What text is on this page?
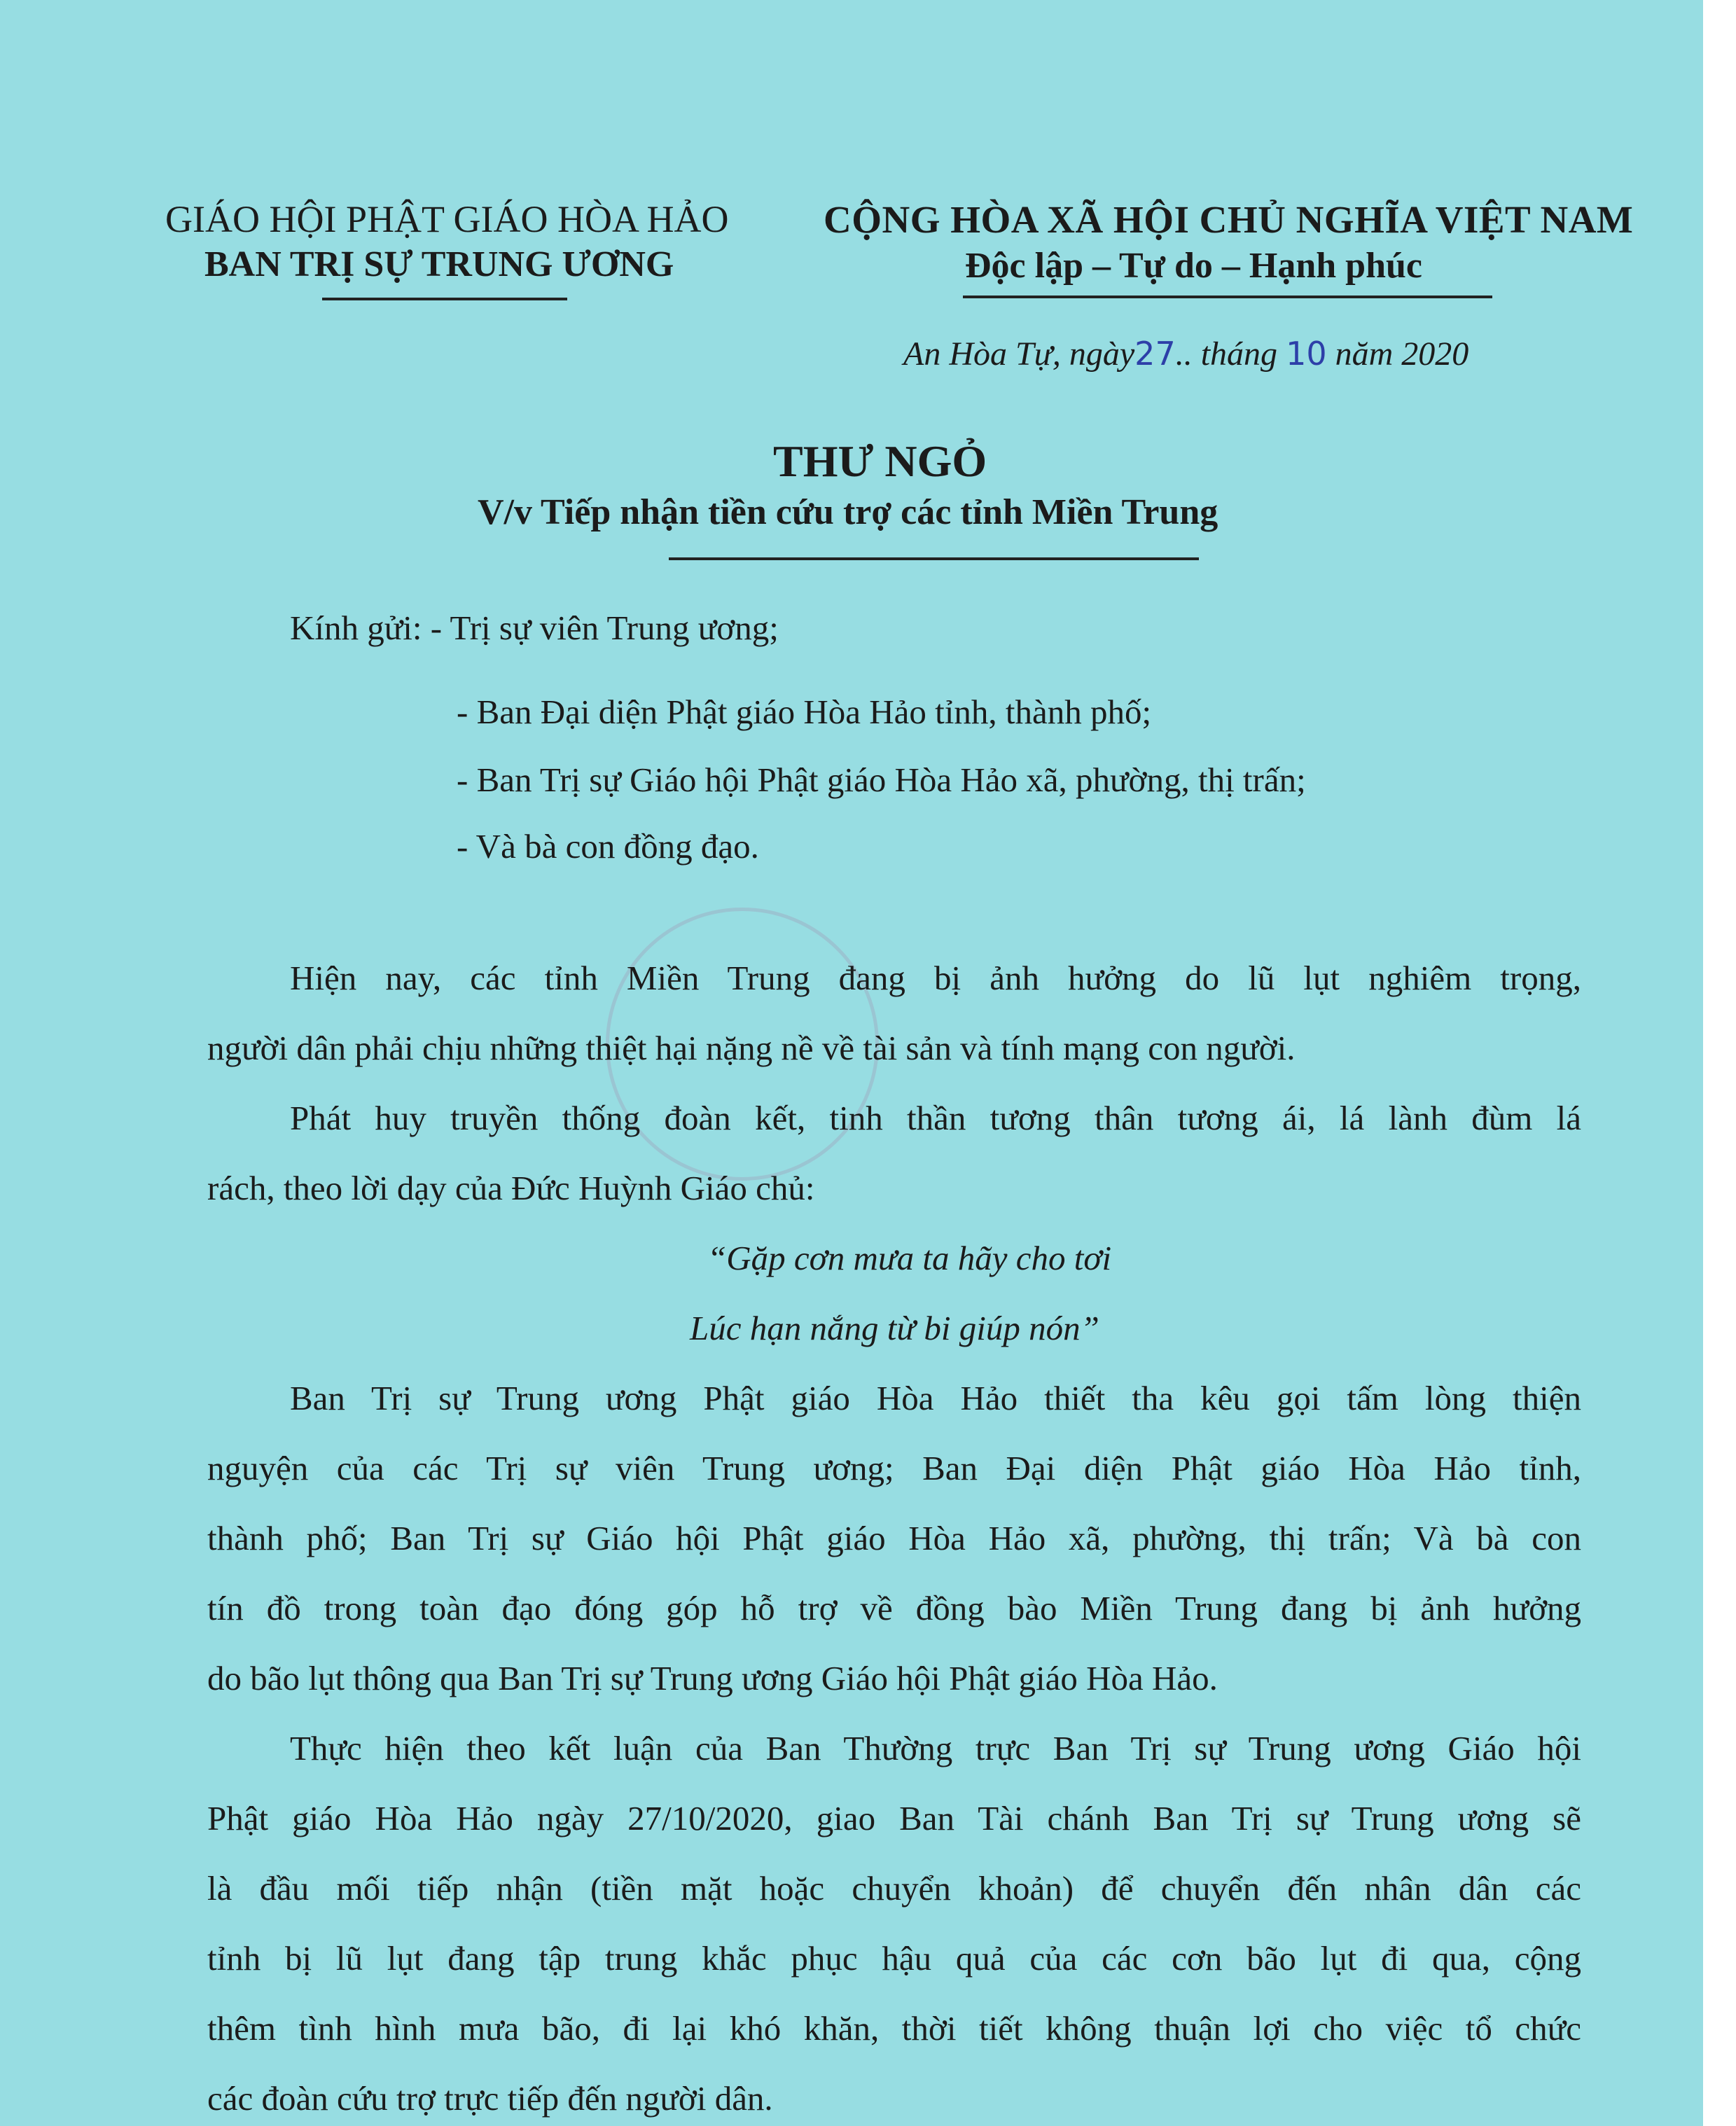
GIÁO HỘI PHẬT GIÁO HÒA HẢO
BAN TRỊ SỰ TRUNG ƯƠNG
CỘNG HÒA XÃ HỘI CHỦ NGHĨA VIỆT NAM
Độc lập – Tự do – Hạnh phúc
An Hòa Tự, ngày27.. tháng 10 năm 2020
THƯ NGỎ
V/v Tiếp nhận tiền cứu trợ các tỉnh Miền Trung
Kính gửi: - Trị sự viên Trung ương;
- Ban Đại diện Phật giáo Hòa Hảo tỉnh, thành phố;
- Ban Trị sự Giáo hội Phật giáo Hòa Hảo xã, phường, thị trấn;
- Và bà con đồng đạo.
Hiện nay, các tỉnh Miền Trung đang bị ảnh hưởng do lũ lụt nghiêm trọng,
người dân phải chịu những thiệt hại nặng nề về tài sản và tính mạng con người.
Phát huy truyền thống đoàn kết, tinh thần tương thân tương ái, lá lành đùm lá
rách, theo lời dạy của Đức Huỳnh Giáo chủ:
“Gặp cơn mưa ta hãy cho tơi
Lúc hạn nắng từ bi giúp nón”
Ban Trị sự Trung ương Phật giáo Hòa Hảo thiết tha kêu gọi tấm lòng thiện
nguyện của các Trị sự viên Trung ương; Ban Đại diện Phật giáo Hòa Hảo tỉnh,
thành phố; Ban Trị sự Giáo hội Phật giáo Hòa Hảo xã, phường, thị trấn; Và bà con
tín đồ trong toàn đạo đóng góp hỗ trợ về đồng bào Miền Trung đang bị ảnh hưởng
do bão lụt thông qua Ban Trị sự Trung ương Giáo hội Phật giáo Hòa Hảo.
Thực hiện theo kết luận của Ban Thường trực Ban Trị sự Trung ương Giáo hội
Phật giáo Hòa Hảo ngày 27/10/2020, giao Ban Tài chánh Ban Trị sự Trung ương sẽ
là đầu mối tiếp nhận (tiền mặt hoặc chuyển khoản) để chuyển đến nhân dân các
tỉnh bị lũ lụt đang tập trung khắc phục hậu quả của các cơn bão lụt đi qua, cộng
thêm tình hình mưa bão, đi lại khó khăn, thời tiết không thuận lợi cho việc tổ chức
các đoàn cứu trợ trực tiếp đến người dân.
